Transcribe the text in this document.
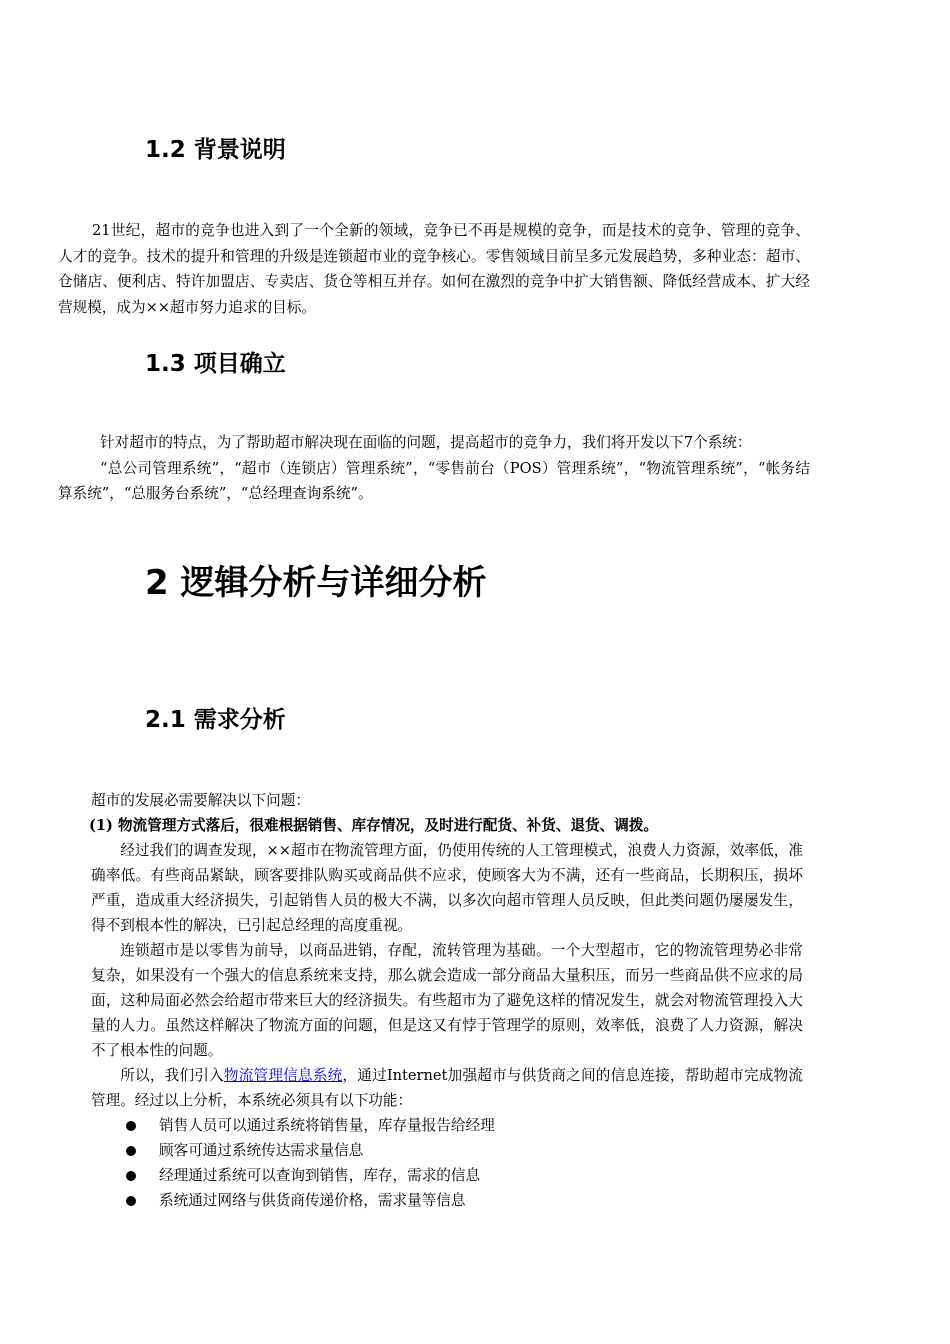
1.2 背景说明

21世纪，超市的竞争也进入到了一个全新的领域，竞争已不再是规模的竞争，而是技术的竞争、管理的竞争、人才的竞争。技术的提升和管理的升级是连锁超市业的竞争核心。零售领域目前呈多元发展趋势，多种业态：超市、仓储店、便利店、特许加盟店、专卖店、货仓等相互并存。如何在激烈的竞争中扩大销售额、降低经营成本、扩大经营规模，成为××超市努力追求的目标。

1.3 项目确立

针对超市的特点，为了帮助超市解决现在面临的问题，提高超市的竞争力，我们将开发以下7个系统：

“总公司管理系统”，“超市（连锁店）管理系统”，“零售前台（POS）管理系统”，“物流管理系统”，“帐务结算系统”，“总服务台系统”，“总经理查询系统”。

2 逻辑分析与详细分析
2.1 需求分析

超市的发展必需要解决以下问题：

(1) 物流管理方式落后，很难根据销售、库存情况，及时进行配货、补货、退货、调拨。

经过我们的调查发现，××超市在物流管理方面，仍使用传统的人工管理模式，浪费人力资源，效率低，准确率低。有些商品紧缺，顾客要排队购买或商品供不应求，使顾客大为不满，还有一些商品，长期积压，损坏严重，造成重大经济损失，引起销售人员的极大不满，以多次向超市管理人员反映，但此类问题仍屡屡发生，得不到根本性的解决，已引起总经理的高度重视。

连锁超市是以零售为前导，以商品进销，存配，流转管理为基础。一个大型超市，它的物流管理势必非常复杂，如果没有一个强大的信息系统来支持，那么就会造成一部分商品大量积压，而另一些商品供不应求的局面，这种局面必然会给超市带来巨大的经济损失。有些超市为了避免这样的情况发生，就会对物流管理投入大量的人力。虽然这样解决了物流方面的问题，但是这又有悖于管理学的原则，效率低，浪费了人力资源，解决不了根本性的问题。

所以，我们引入物流管理信息系统，通过Internet加强超市与供货商之间的信息连接，帮助超市完成物流管理。经过以上分析，本系统必须具有以下功能：

销售人员可以通过系统将销售量，库存量报告给经理
顾客可通过系统传达需求量信息
经理通过系统可以查询到销售，库存，需求的信息
系统通过网络与供货商传递价格，需求量等信息
